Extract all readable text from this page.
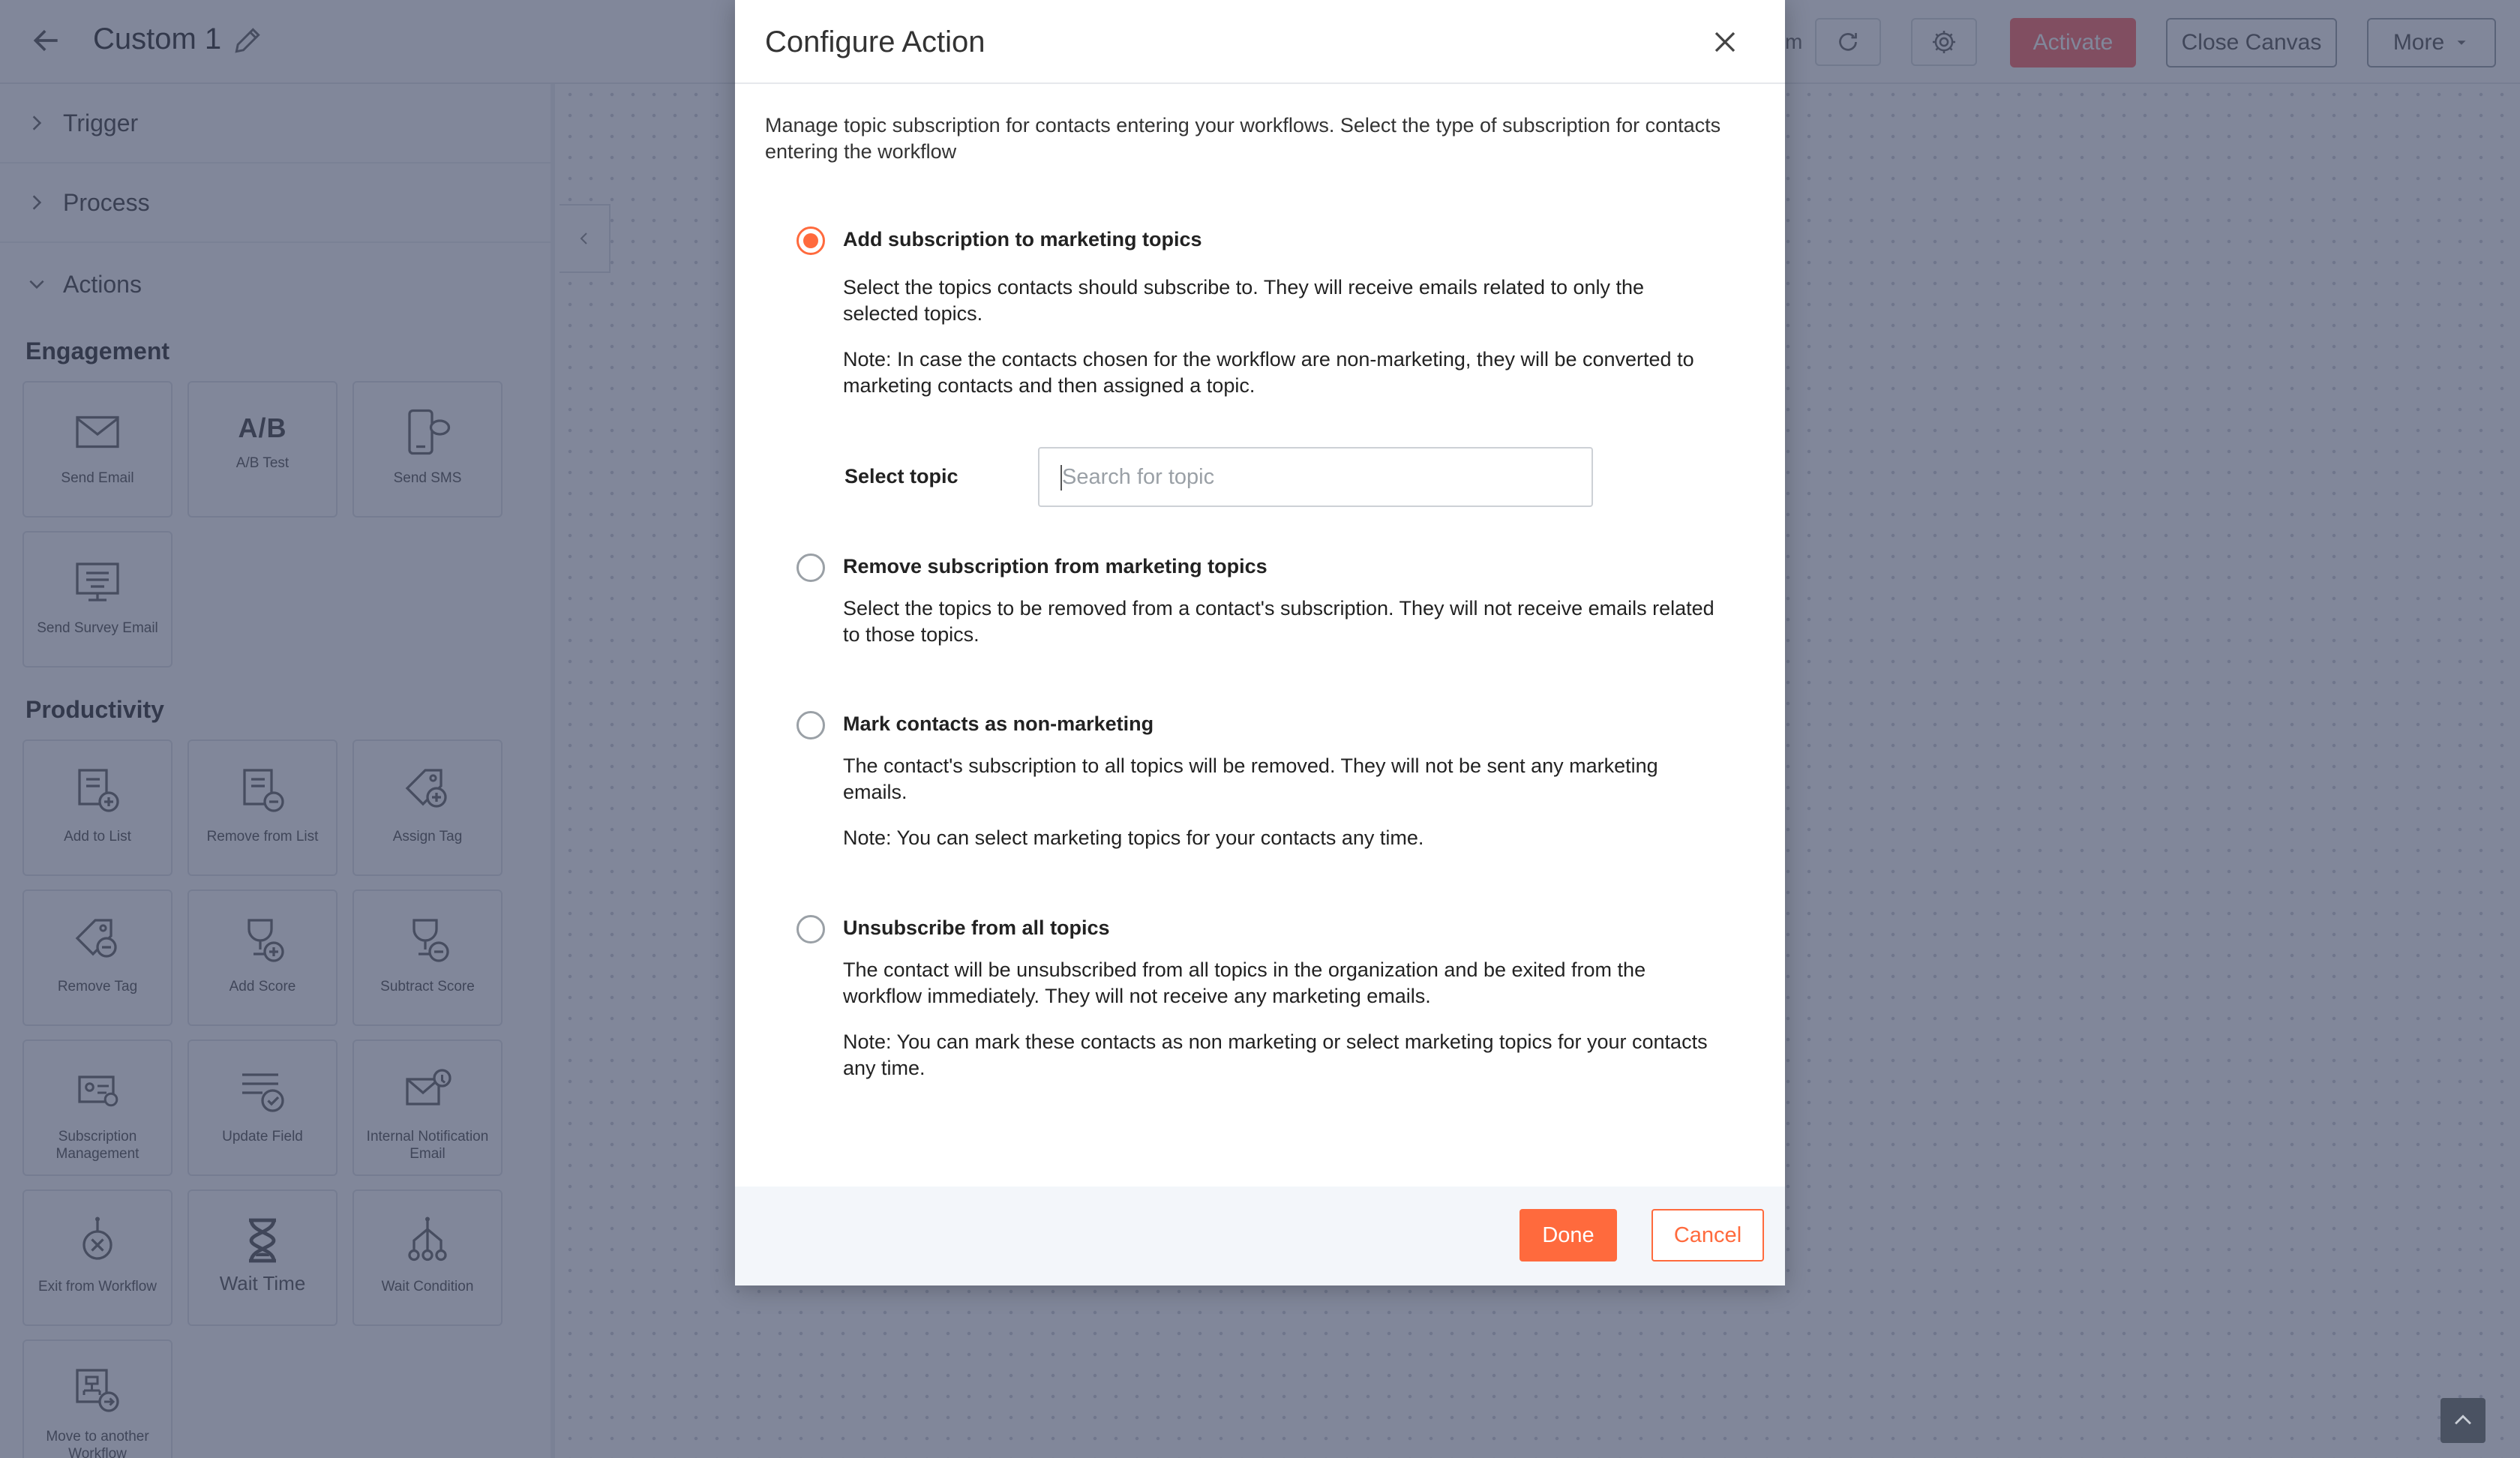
Configure Action
Manage topic subscription for contacts entering your workflows. Select the type of subscription for contacts entering the workflow
Add subscription to marketing topics
Select the topics contacts should subscribe to. They will receive emails related to only the selected topics.
Note: In case the contacts chosen for the workflow are non-marketing, they will be converted to marketing contacts and then assigned a topic.
Select topic
Search for topic
Remove subscription from marketing topics
Select the topics to be removed from a contact's subscription. They will not receive emails related to those topics.
Mark contacts as non-marketing
The contact's subscription to all topics will be removed. They will not be sent any marketing emails.
Note: You can select marketing topics for your contacts any time.
Unsubscribe from all topics
The contact will be unsubscribed from all topics in the organization and be exited from the workflow immediately. They will not receive any marketing emails.
Note: You can mark these contacts as non marketing or select marketing topics for your contacts any time.
Done	Cancel
